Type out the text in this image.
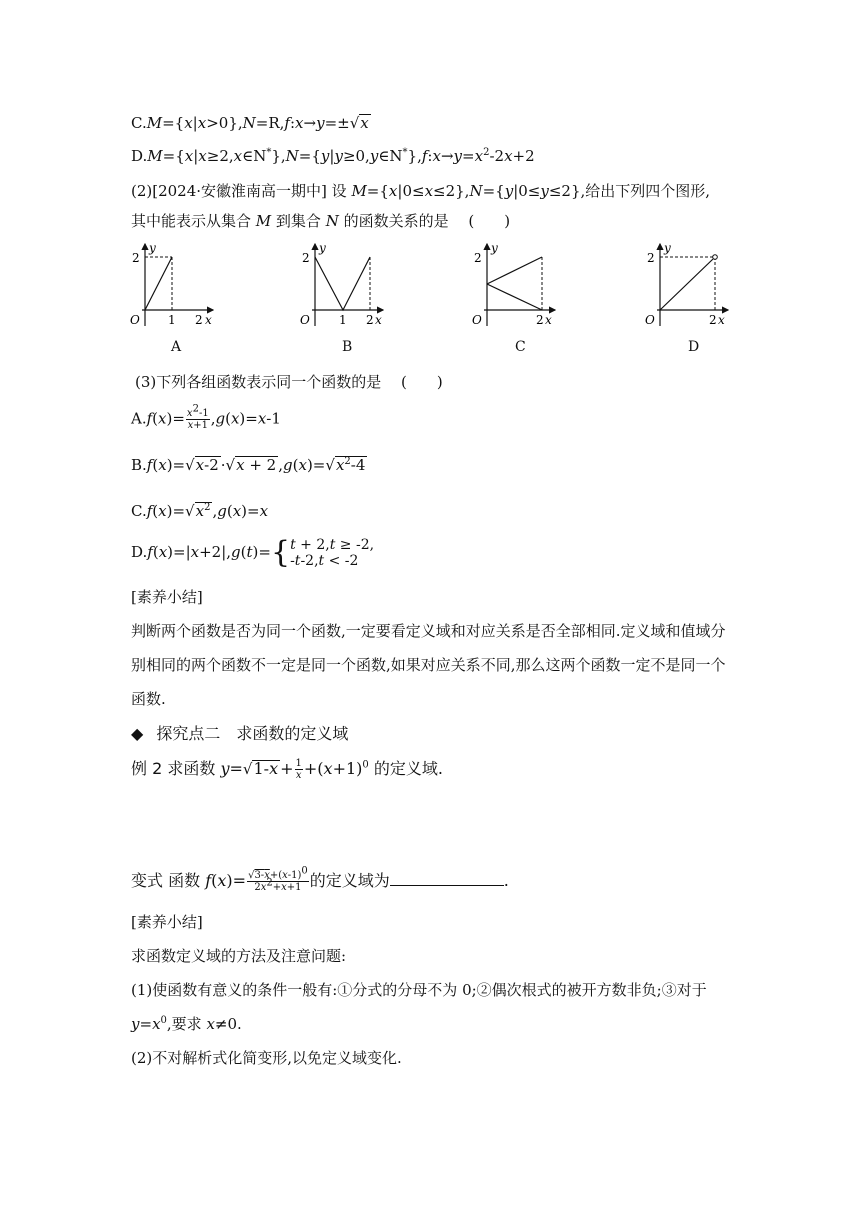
C.M={x|x>0},N=R,f:x→y=±√x
$D.M=\{x|x\ge 2,x\in N^*\},N=\{y|y\ge 0,y\in N^*\},f:x\to y=x^2-2x+2$
(2)[2024·安徽淮南高一期中] 设 M={x|0≤x≤2},N={y|0≤y≤2},给出下列四个图形,
其中能表示从集合 M 到集合 N 的函数关系的是　 (　　)
2
O 1 2 x
y
2
O 1 2 x
y
2
O	2 x
y
2
O	2 x
y
A	B	C	D
(3)下列各组函数表示同一个函数的是　 (　　)
$A.f(x)= \frac{x^2-1}{x+1} ,g(x)=x-1$
B.f(x)=√x-2 ·√x + 2 $,g(x)=√x^2-4$
$C.f(x)=√x^2$ ,g(x)=x
D.f(x)=|x+2|,g(t)={t + 2,t ≥ -2,
-t-2,t < -2
[素养小结]
判断两个函数是否为同一个函数,一定要看定义域和对应关系是否全部相同.定义域和值域分
别相同的两个函数不一定是同一个函数,如果对应关系不同,那么这两个函数一定不是同一个
函数.
◆ 探究点二　求函数的定义域
例 2 求函数 $y=√1-x + \frac{1}{x} +(x+1)^0$ 的定义域.
变式 函数 $f(x)= \frac{√3-x+(x-1)^0}{2x^2+x+1}$ 的定义域为	.
[素养小结]
求函数定义域的方法及注意问题:
(1)使函数有意义的条件一般有:①分式的分母不为 0;②偶次根式的被开方数非负;③对于
$y=x^0$,要求 x≠0.
(2)不对解析式化简变形,以免定义域变化.
